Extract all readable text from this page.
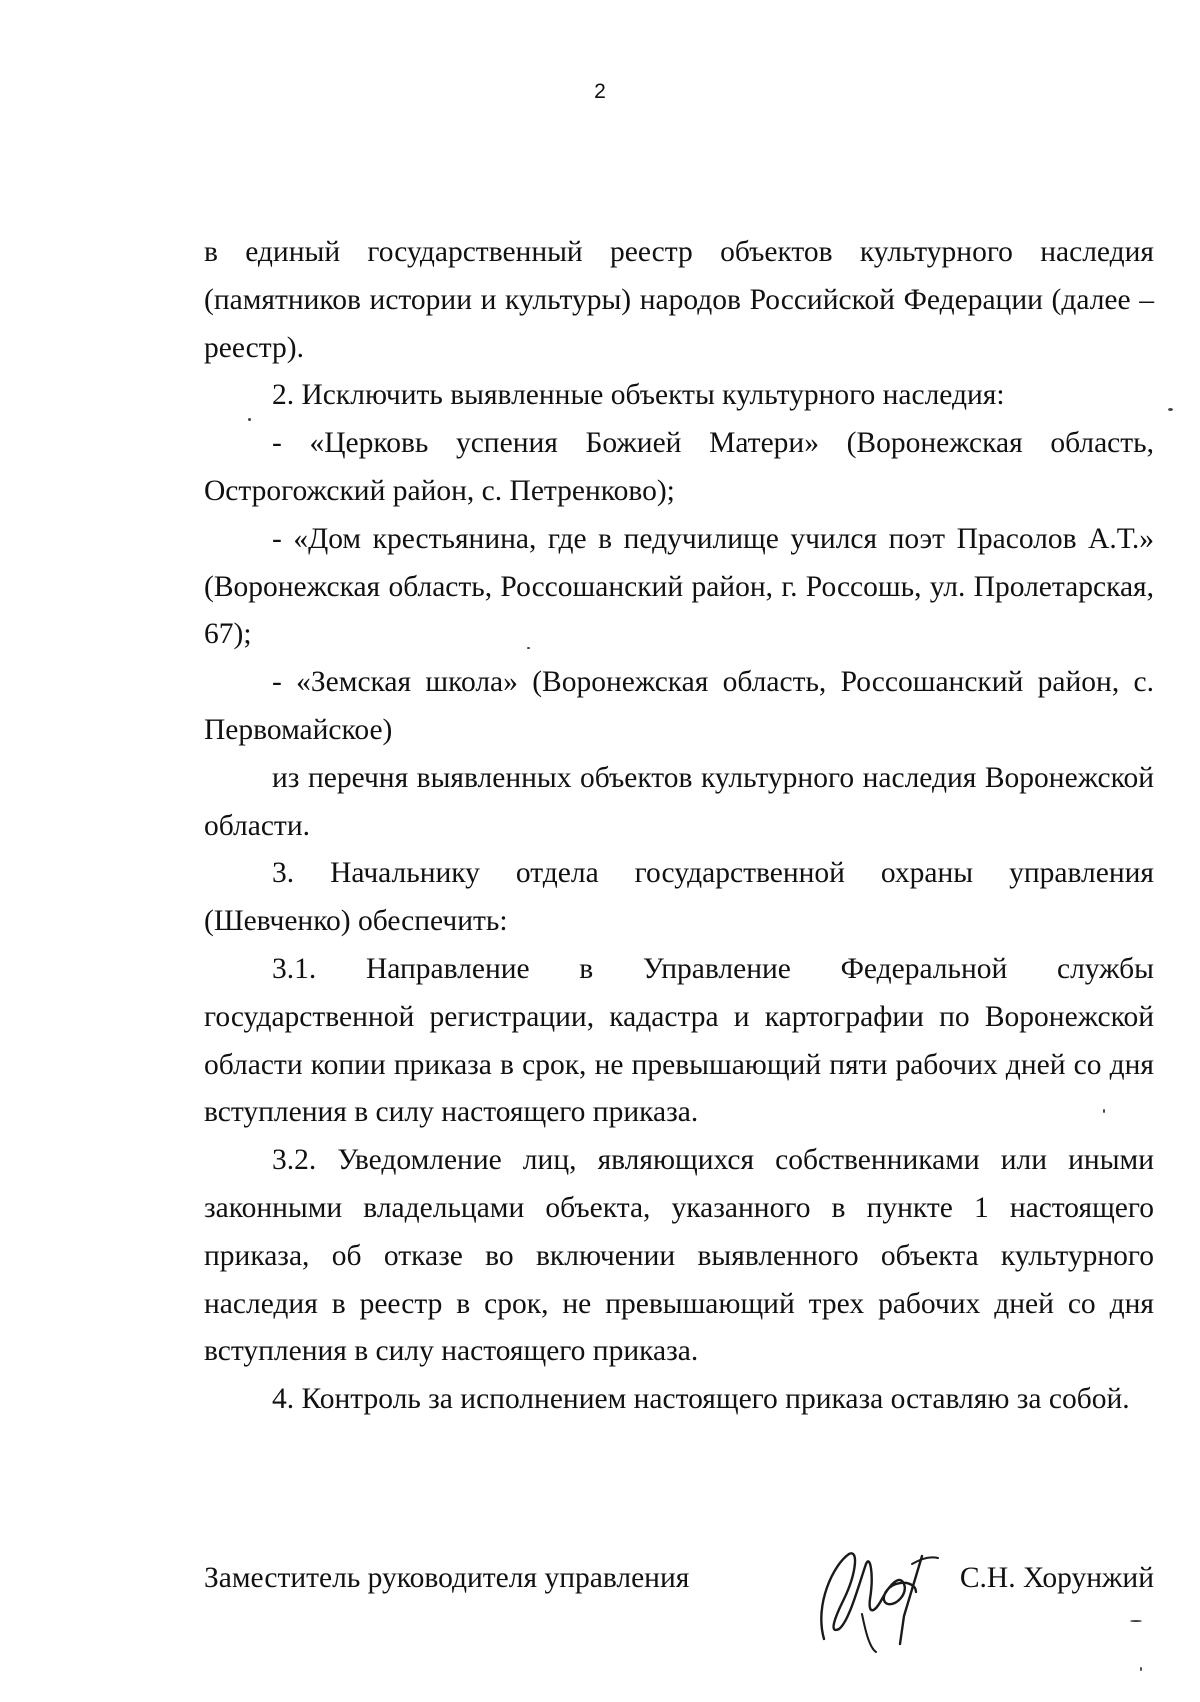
2

в единый государственный реестр объектов культурного наследия (памятников истории и культуры) народов Российской Федерации (далее – реестр).

2. Исключить выявленные объекты культурного наследия:

- «Церковь успения Божией Матери» (Воронежская область, Острогожский район, с. Петренково);

- «Дом крестьянина, где в педучилище учился поэт Прасолов А.Т.» (Воронежская область, Россошанский район, г. Россошь, ул. Пролетарская, 67);

- «Земская школа» (Воронежская область, Россошанский район, с. Первомайское)

из перечня выявленных объектов культурного наследия Воронежской области.

3. Начальнику отдела государственной охраны управления (Шевченко) обеспечить:

3.1. Направление в Управление Федеральной службы государственной регистрации, кадастра и картографии по Воронежской области копии приказа в срок, не превышающий пяти рабочих дней со дня вступления в силу настоящего приказа.

3.2. Уведомление лиц, являющихся собственниками или иными законными владельцами объекта, указанного в пункте 1 настоящего приказа, об отказе во включении выявленного объекта культурного наследия в реестр в срок, не превышающий трех рабочих дней со дня вступления в силу настоящего приказа.

4. Контроль за исполнением настоящего приказа оставляю за собой.

Заместитель руководителя управления	С.Н. Хорунжий
